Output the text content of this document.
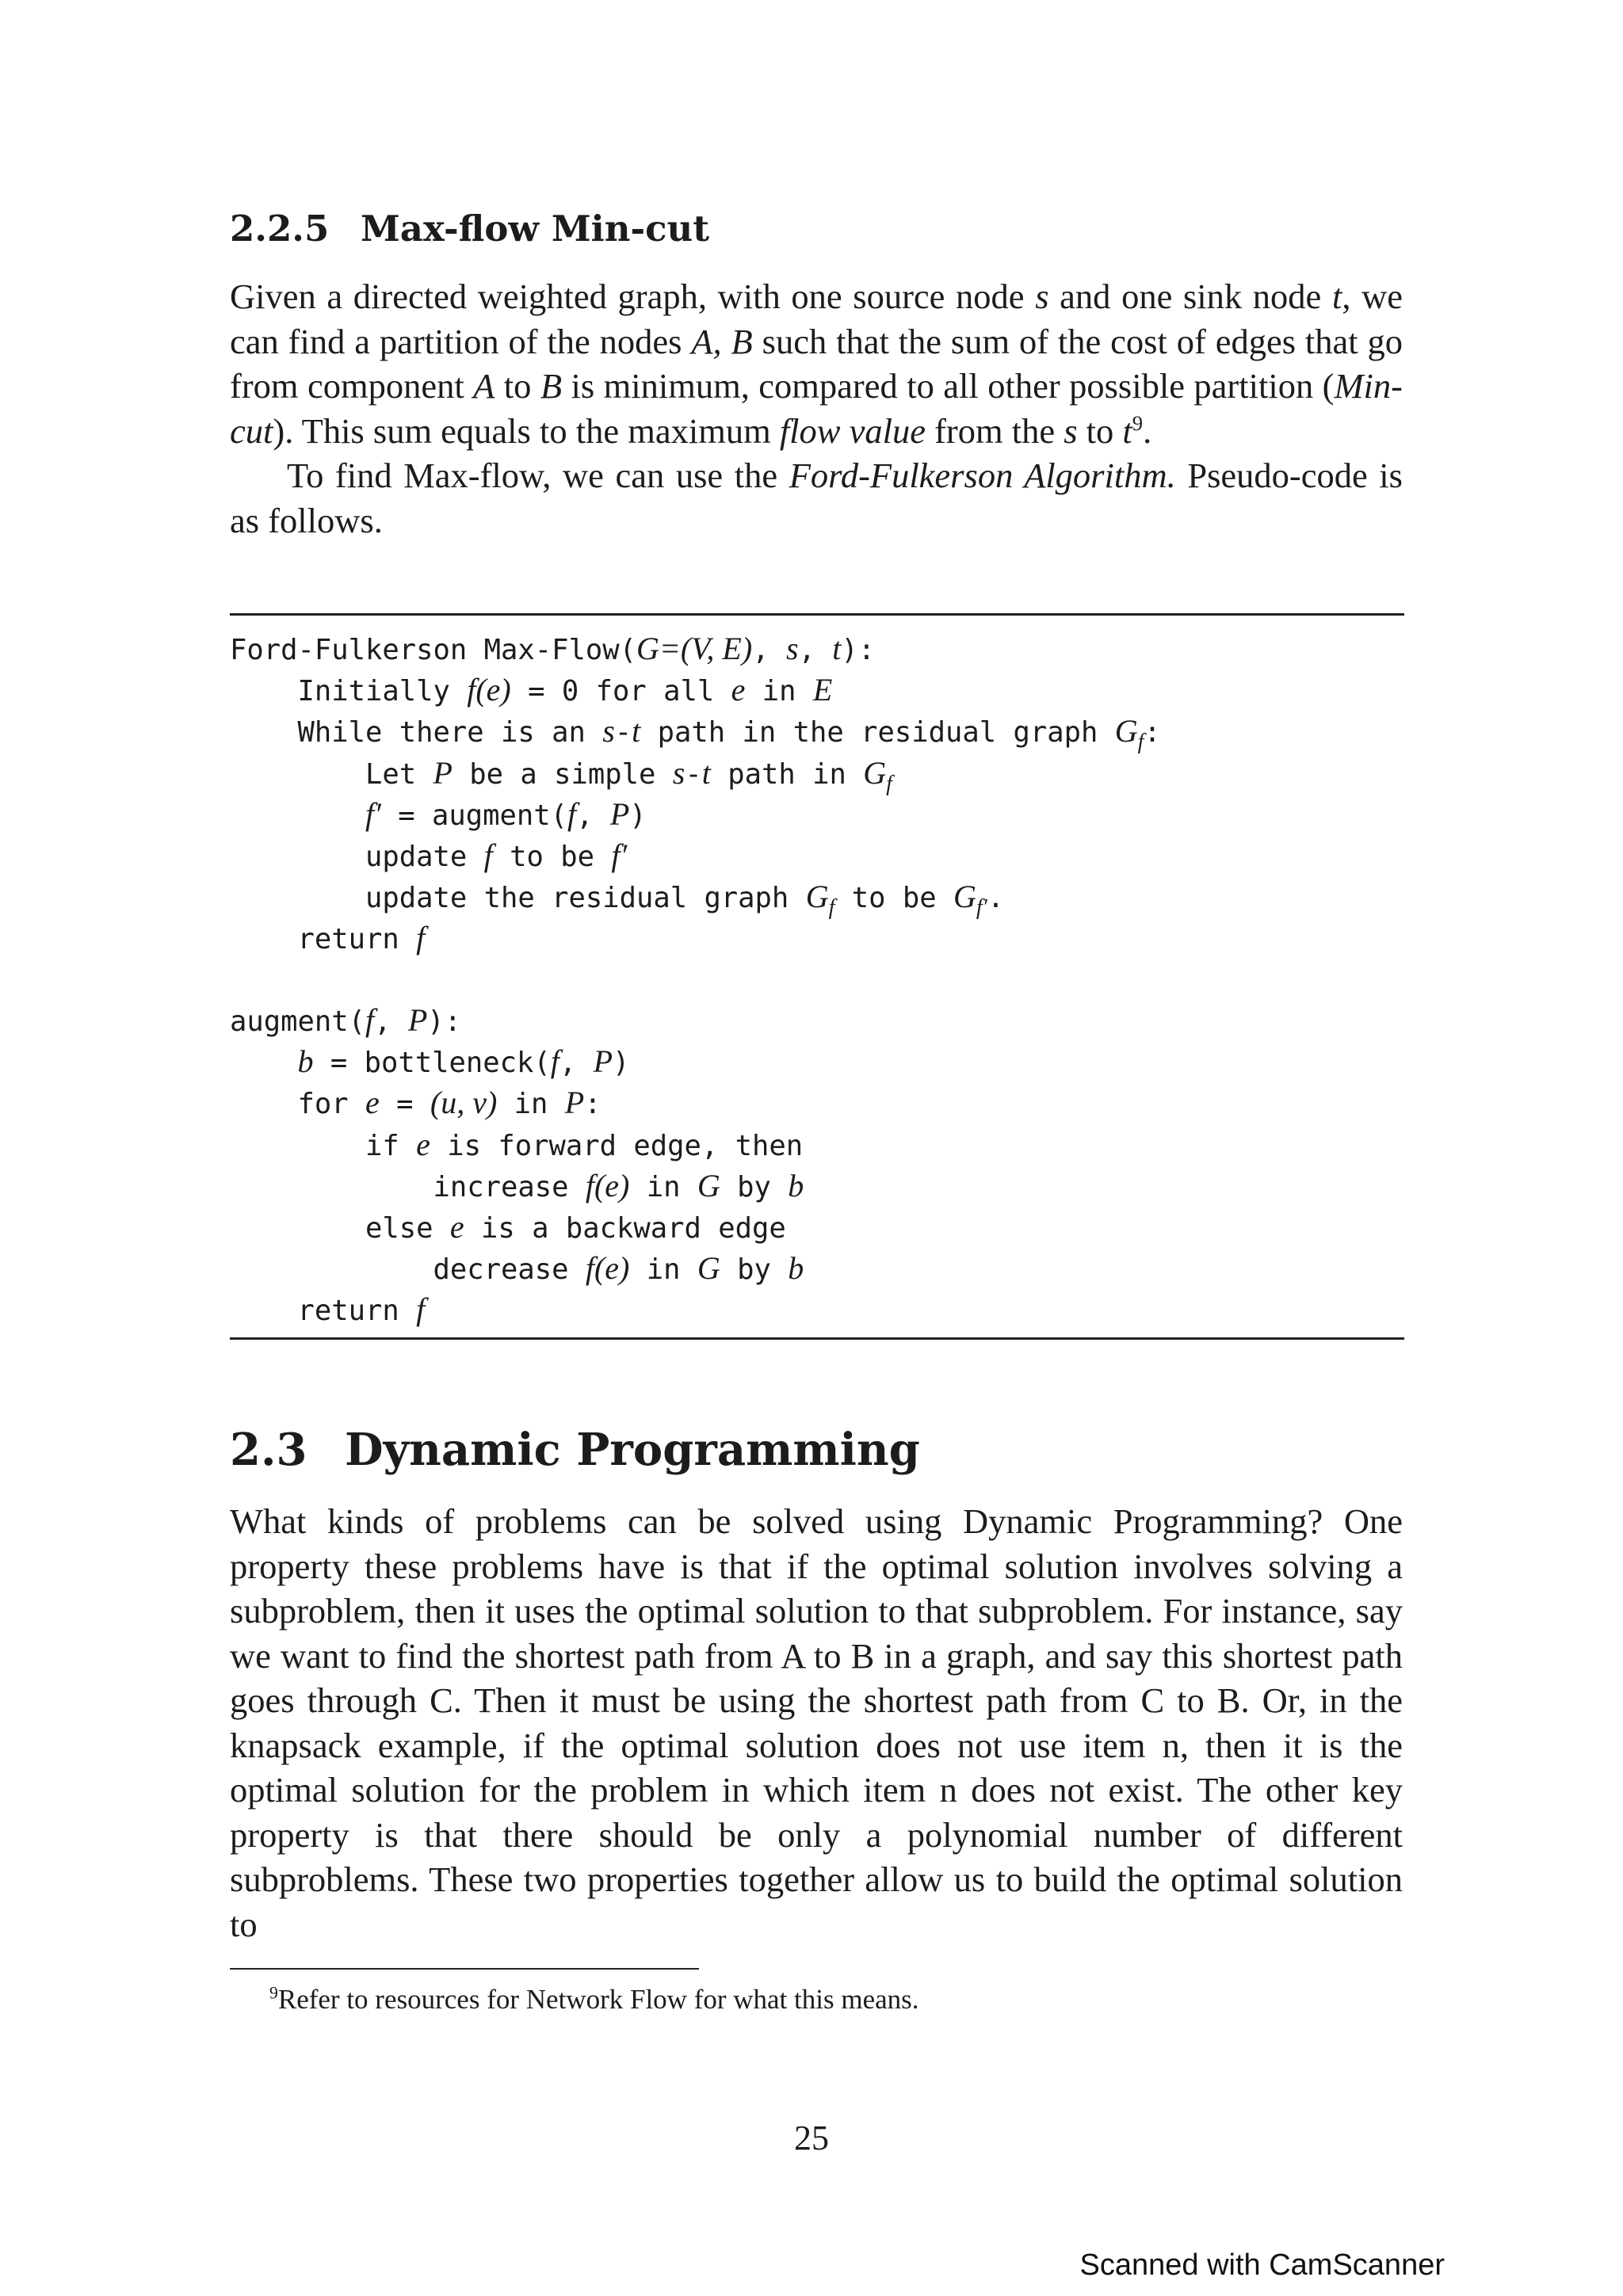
2.2.5 Max-flow Min-cut
Given a directed weighted graph, with one source node s and one sink node t, we can find a partition of the nodes A, B such that the sum of the cost of edges that go from component A to B is minimum, compared to all other possible partition (Min-cut). This sum equals to the maximum flow value from the s to $t^9$.
To find Max-flow, we can use the Ford-Fulkerson Algorithm. Pseudo-code is as follows.
Ford-Fulkerson Max-Flow(G=(V, E), s, t):
Initially f(e) = 0 for all e in E
While there is an s-t path in the residual graph $G_f$:
Let P be a simple s-t path in $G_f$
f′ = augment(f, P)
update f to be f′
update the residual graph $G_f$ to be $G_{f'}$.
return f
augment(f, P):
b = bottleneck(f, P)
for e = (u, v) in P:
if e is forward edge, then
increase f(e) in G by b
else e is a backward edge
decrease f(e) in G by b
return f
2.3 Dynamic Programming
What kinds of problems can be solved using Dynamic Programming? One property these problems have is that if the optimal solution involves solving a subproblem, then it uses the optimal solution to that subproblem. For instance, say we want to find the shortest path from A to B in a graph, and say this shortest path goes through C. Then it must be using the shortest path from C to B. Or, in the knapsack example, if the optimal solution does not use item n, then it is the optimal solution for the problem in which item n does not exist. The other key property is that there should be only a polynomial number of different subproblems. These two properties together allow us to build the optimal solution to
$^9$Refer to resources for Network Flow for what this means.
25
Scanned with CamScanner
